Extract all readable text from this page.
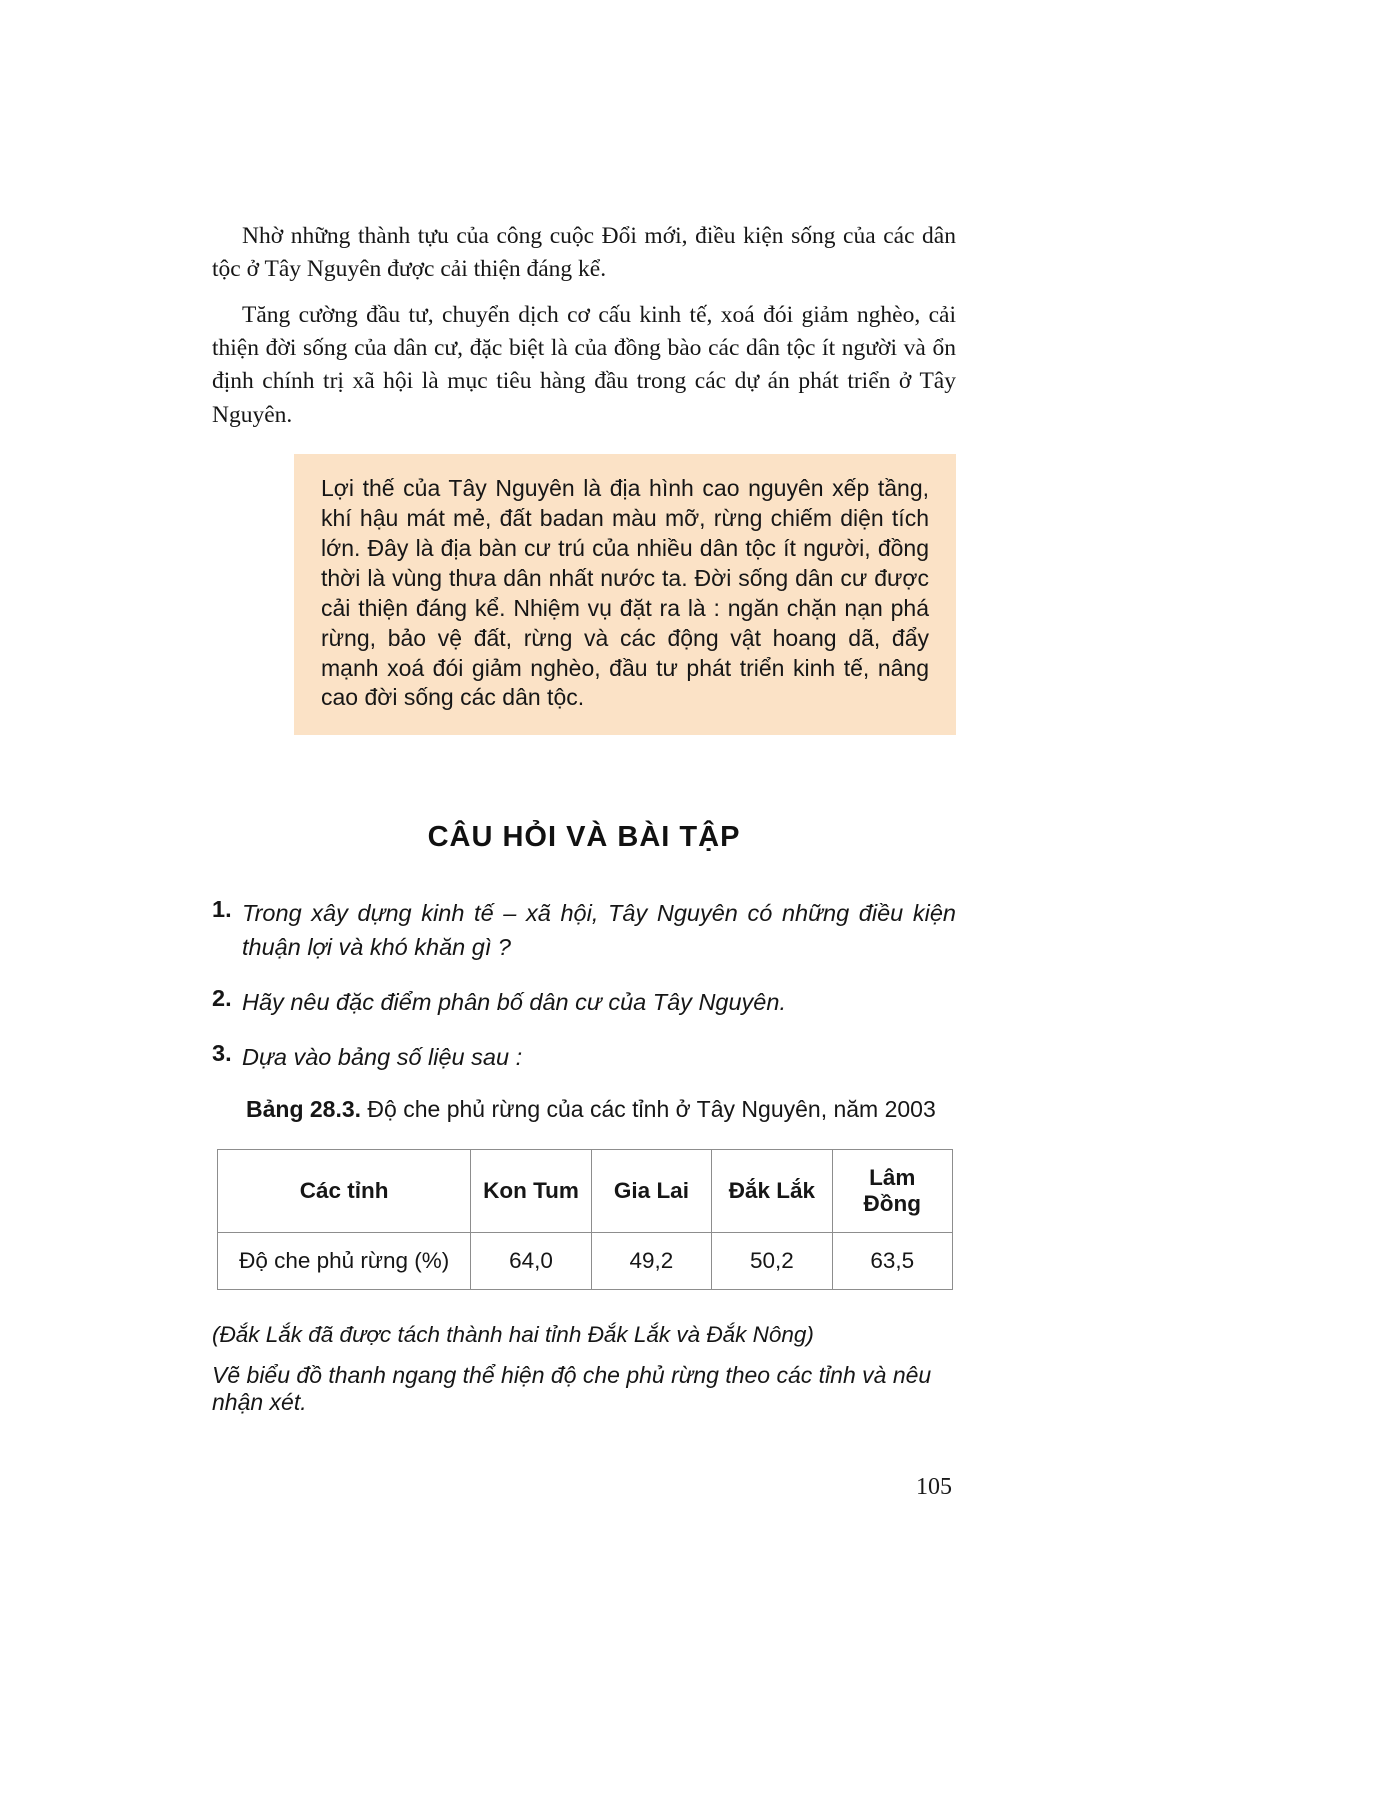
Nhờ những thành tựu của công cuộc Đổi mới, điều kiện sống của các dân tộc ở Tây Nguyên được cải thiện đáng kể.

Tăng cường đầu tư, chuyển dịch cơ cấu kinh tế, xoá đói giảm nghèo, cải thiện đời sống của dân cư, đặc biệt là của đồng bào các dân tộc ít người và ổn định chính trị xã hội là mục tiêu hàng đầu trong các dự án phát triển ở Tây Nguyên.

Lợi thế của Tây Nguyên là địa hình cao nguyên xếp tầng, khí hậu mát mẻ, đất badan màu mỡ, rừng chiếm diện tích lớn. Đây là địa bàn cư trú của nhiều dân tộc ít người, đồng thời là vùng thưa dân nhất nước ta. Đời sống dân cư được cải thiện đáng kể. Nhiệm vụ đặt ra là : ngăn chặn nạn phá rừng, bảo vệ đất, rừng và các động vật hoang dã, đẩy mạnh xoá đói giảm nghèo, đầu tư phát triển kinh tế, nâng cao đời sống các dân tộc.
CÂU HỎI VÀ BÀI TẬP
1. Trong xây dựng kinh tế – xã hội, Tây Nguyên có những điều kiện thuận lợi và khó khăn gì ?
2. Hãy nêu đặc điểm phân bố dân cư của Tây Nguyên.
3. Dựa vào bảng số liệu sau :
Bảng 28.3. Độ che phủ rừng của các tỉnh ở Tây Nguyên, năm 2003
Các tỉnh	Kon Tum	Gia Lai	Đắk Lắk	Lâm Đồng
Độ che phủ rừng (%)	64,0	49,2	50,2	63,5
(Đắk Lắk đã được tách thành hai tỉnh Đắk Lắk và Đắk Nông)
Vẽ biểu đồ thanh ngang thể hiện độ che phủ rừng theo các tỉnh và nêu nhận xét.
105
